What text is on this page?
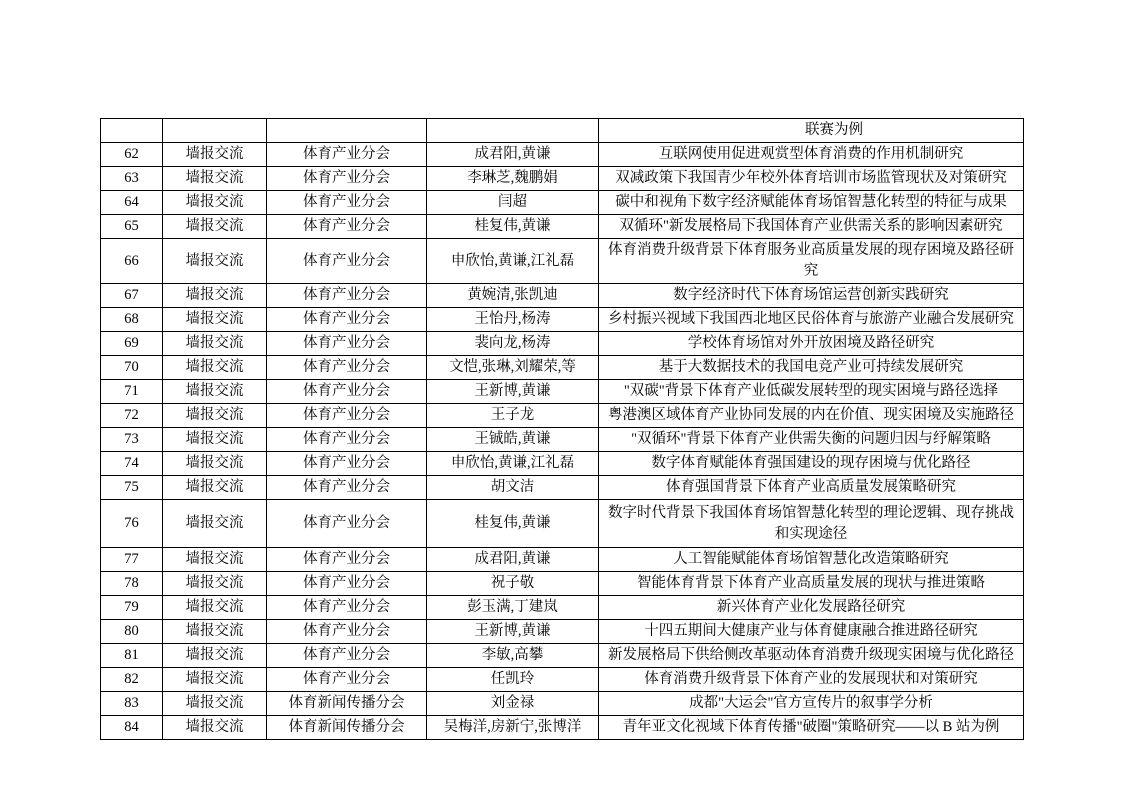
				联赛为例
62	墙报交流	体育产业分会	成君阳,黄谦	互联网使用促进观赏型体育消费的作用机制研究
63	墙报交流	体育产业分会	李琳芝,魏鹏娟	双减政策下我国青少年校外体育培训市场监管现状及对策研究
64	墙报交流	体育产业分会	闫超	碳中和视角下数字经济赋能体育场馆智慧化转型的特征与成果
65	墙报交流	体育产业分会	桂复伟,黄谦	双循环"新发展格局下我国体育产业供需关系的影响因素研究
66	墙报交流	体育产业分会	申欣怡,黄谦,江礼磊	体育消费升级背景下体育服务业高质量发展的现存困境及路径研究
67	墙报交流	体育产业分会	黄婉清,张凯迪	数字经济时代下体育场馆运营创新实践研究
68	墙报交流	体育产业分会	王怡丹,杨涛	乡村振兴视域下我国西北地区民俗体育与旅游产业融合发展研究
69	墙报交流	体育产业分会	裴向龙,杨涛	学校体育场馆对外开放困境及路径研究
70	墙报交流	体育产业分会	文恺,张琳,刘耀荣,等	基于大数据技术的我国电竞产业可持续发展研究
71	墙报交流	体育产业分会	王新博,黄谦	"双碳"背景下体育产业低碳发展转型的现实困境与路径选择
72	墙报交流	体育产业分会	王子龙	粤港澳区域体育产业协同发展的内在价值、现实困境及实施路径
73	墙报交流	体育产业分会	王铖皓,黄谦	"双循环"背景下体育产业供需失衡的问题归因与纾解策略
74	墙报交流	体育产业分会	申欣怡,黄谦,江礼磊	数字体育赋能体育强国建设的现存困境与优化路径
75	墙报交流	体育产业分会	胡文洁	体育强国背景下体育产业高质量发展策略研究
76	墙报交流	体育产业分会	桂复伟,黄谦	数字时代背景下我国体育场馆智慧化转型的理论逻辑、现存挑战和实现途径
77	墙报交流	体育产业分会	成君阳,黄谦	人工智能赋能体育场馆智慧化改造策略研究
78	墙报交流	体育产业分会	祝子敬	智能体育背景下体育产业高质量发展的现状与推进策略
79	墙报交流	体育产业分会	彭玉满,丁建岚	新兴体育产业化发展路径研究
80	墙报交流	体育产业分会	王新博,黄谦	十四五期间大健康产业与体育健康融合推进路径研究
81	墙报交流	体育产业分会	李敏,高攀	新发展格局下供给侧改革驱动体育消费升级现实困境与优化路径
82	墙报交流	体育产业分会	任凯玲	体育消费升级背景下体育产业的发展现状和对策研究
83	墙报交流	体育新闻传播分会	刘金禄	成都"大运会"官方宣传片的叙事学分析
84	墙报交流	体育新闻传播分会	吴梅洋,房新宁,张博洋	青年亚文化视域下体育传播"破圈"策略研究——以 B 站为例
